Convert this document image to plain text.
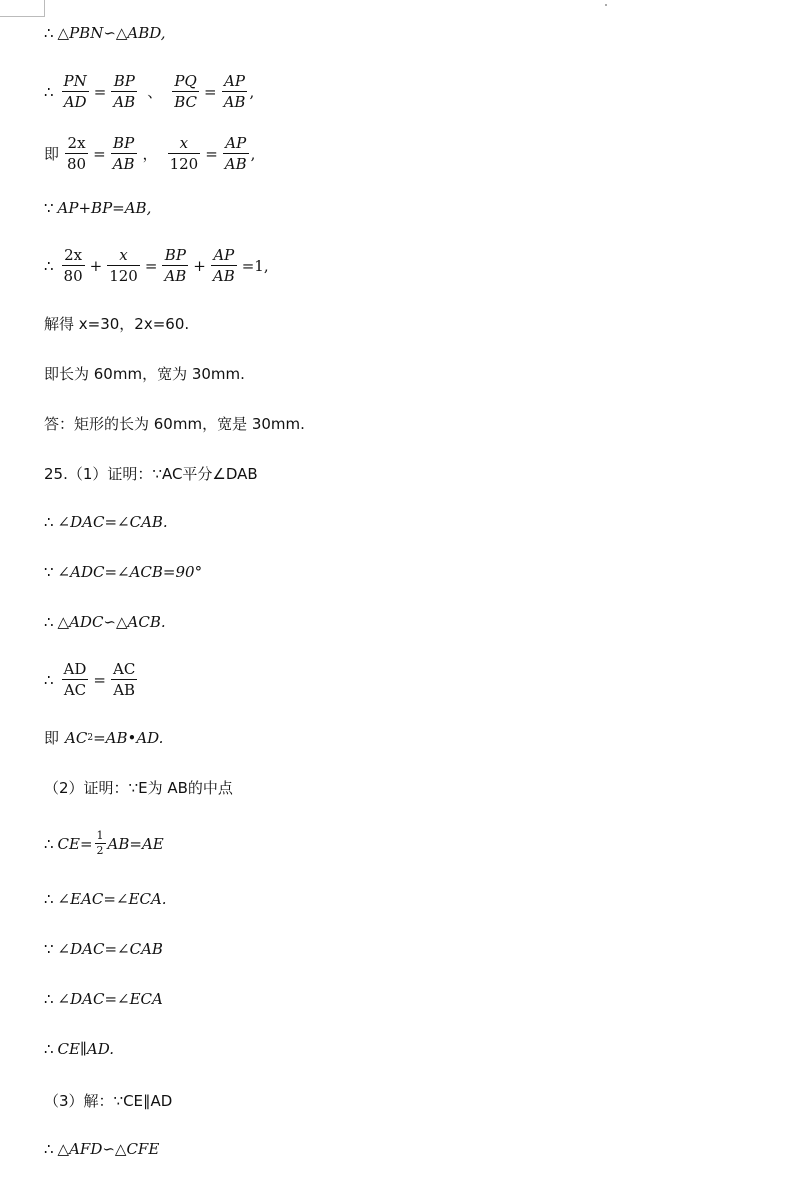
∴ △PBN∽△ABD,
∴ $\frac{PN}{AD} = \frac{BP}{AB}$ 、 $\frac{PQ}{BC} = \frac{AP}{AB}$ ,
即 $\frac{2x}{80} = \frac{BP}{AB}$ ， $\frac{x}{120} = \frac{AP}{AB}$ ,
∵ AP+BP=AB,
∴ $\frac{2x}{80} + \frac{x}{120} = \frac{BP}{AB} + \frac{AP}{AB} =1$,
解得 x=30，2x=60.
即长为 60mm，宽为 30mm.
答：矩形的长为 60mm，宽是 30mm.
25.（1）证明：∵AC平分∠DAB
∴ ∠DAC=∠CAB.
∵ ∠ADC=∠ACB=90°
∴ △ADC∽△ACB.
∴ $\frac{AD}{AC} = \frac{AC}{AB}$
即 AC 2 =AB•AD.
（2）证明：∵E为 AB的中点
∴ $CE= \frac{1}{2} AB=AE$
∴ ∠EAC=∠ECA.
∵ ∠DAC=∠CAB
∴ ∠DAC=∠ECA
∴ CE∥AD.
（3）解：∵CE∥AD
∴ △AFD∽△CFE
